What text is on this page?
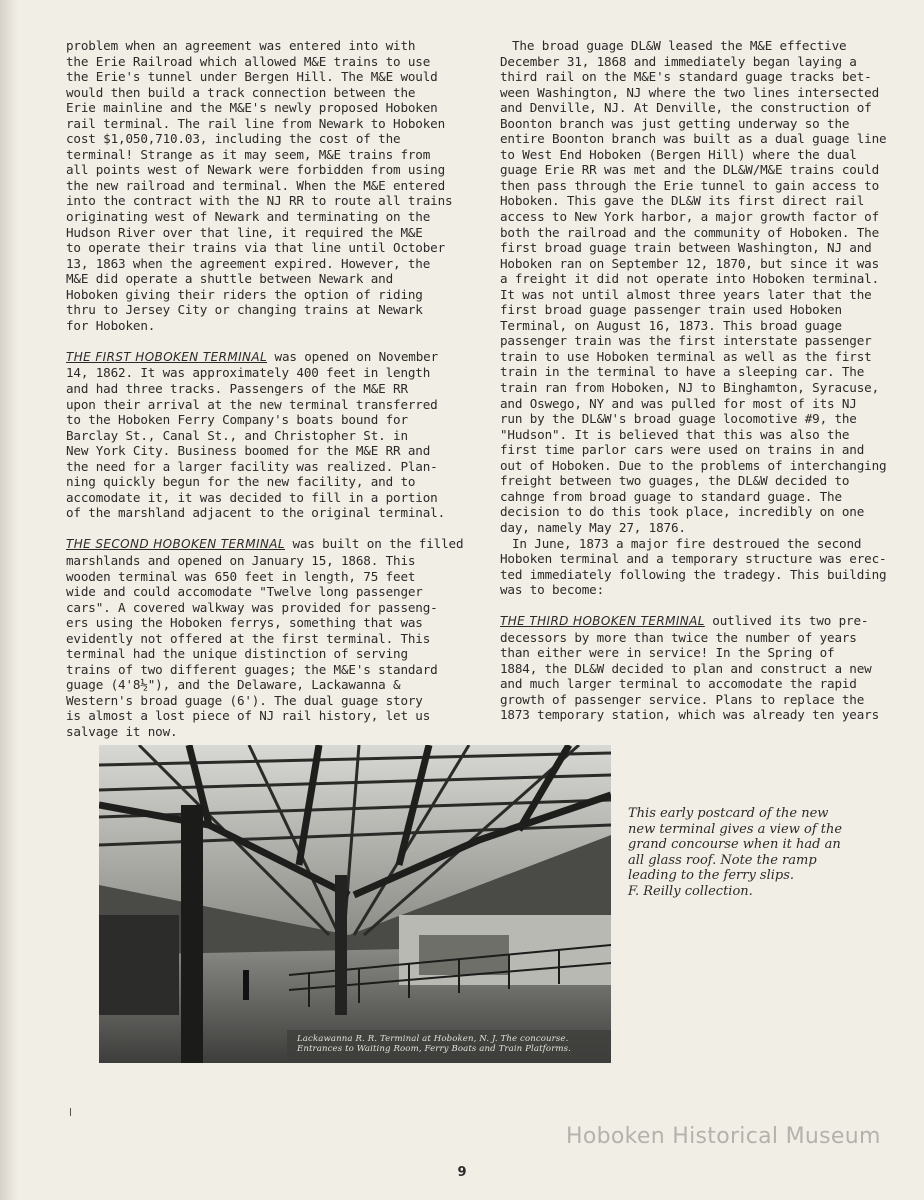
problem when an agreement was entered into with

the Erie Railroad which allowed M&E trains to use

the Erie's tunnel under Bergen Hill. The M&E would

would then build a track connection between the

Erie mainline and the M&E's newly proposed Hoboken

rail terminal. The rail line from Newark to Hoboken

cost $1,050,710.03, including the cost of the

terminal! Strange as it may seem, M&E trains from

all points west of Newark were forbidden from using

the new railroad and terminal. When the M&E entered

into the contract with the NJ RR to route all trains

originating west of Newark and terminating on the

Hudson River over that line, it required the M&E

to operate their trains via that line until October

13, 1863 when the agreement expired. However, the

M&E did operate a shuttle between Newark and

Hoboken giving their riders the option of riding

thru to Jersey City or changing trains at Newark

for Hoboken.

THE FIRST HOBOKEN TERMINAL was opened on November

14, 1862. It was approximately 400 feet in length

and had three tracks. Passengers of the M&E RR

upon their arrival at the new terminal transferred

to the Hoboken Ferry Company's boats bound for

Barclay St., Canal St., and Christopher St. in

New York City. Business boomed for the M&E RR and

the need for a larger facility was realized. Plan-

ning quickly begun for the new facility, and to

accomodate it, it was decided to fill in a portion

of the marshland adjacent to the original terminal.

THE SECOND HOBOKEN TERMINAL was built on the filled

marshlands and opened on January 15, 1868. This

wooden terminal was 650 feet in length, 75 feet

wide and could accomodate "Twelve long passenger

cars". A covered walkway was provided for passeng-

ers using the Hoboken ferrys, something that was

evidently not offered at the first terminal. This

terminal had the unique distinction of serving

trains of two different guages; the M&E's standard

guage (4'8½"), and the Delaware, Lackawanna &

Western's broad guage (6'). The dual guage story

is almost a lost piece of NJ rail history, let us

salvage it now.

The broad guage DL&W leased the M&E effective

December 31, 1868 and immediately began laying a

third rail on the M&E's standard guage tracks bet-

ween Washington, NJ where the two lines intersected

and Denville, NJ. At Denville, the construction of

Boonton branch was just getting underway so the

entire Boonton branch was built as a dual guage line

to West End Hoboken (Bergen Hill) where the dual

guage Erie RR was met and the DL&W/M&E trains could

then pass through the Erie tunnel to gain access to

Hoboken. This gave the DL&W its first direct rail

access to New York harbor, a major growth factor of

both the railroad and the community of Hoboken. The

first broad guage train between Washington, NJ and

Hoboken ran on September 12, 1870, but since it was

a freight it did not operate into Hoboken terminal.

It was not until almost three years later that the

first broad guage passenger train used Hoboken

Terminal, on August 16, 1873. This broad guage

passenger train was the first interstate passenger

train to use Hoboken terminal as well as the first

train in the terminal to have a sleeping car. The

train ran from Hoboken, NJ to Binghamton, Syracuse,

and Oswego, NY and was pulled for most of its NJ

run by the DL&W's broad guage locomotive #9, the

"Hudson". It is believed that this was also the

first time parlor cars were used on trains in and

out of Hoboken. Due to the problems of interchanging

freight between two guages, the DL&W decided to

cahnge from broad guage to standard guage. The

decision to do this took place, incredibly on one

day, namely May 27, 1876.

In June, 1873 a major fire destroued the second

Hoboken terminal and a temporary structure was erec-

ted immediately following the tradegy. This building

was to become:

THE THIRD HOBOKEN TERMINAL outlived its two pre-

decessors by more than twice the number of years

than either were in service! In the Spring of

1884, the DL&W decided to plan and construct a new

and much larger terminal to accomodate the rapid

growth of passenger service. Plans to replace the

1873 temporary station, which was already ten years

Lackawanna R. R. Terminal at Hoboken, N. J. The concourse.
Entrances to Waiting Room, Ferry Boats and Train Platforms.

This early postcard of the new

new terminal gives a view of the

grand concourse when it had an

all glass roof. Note the ramp

leading to the ferry slips.

F. Reilly collection.

Hoboken Historical Museum
9
